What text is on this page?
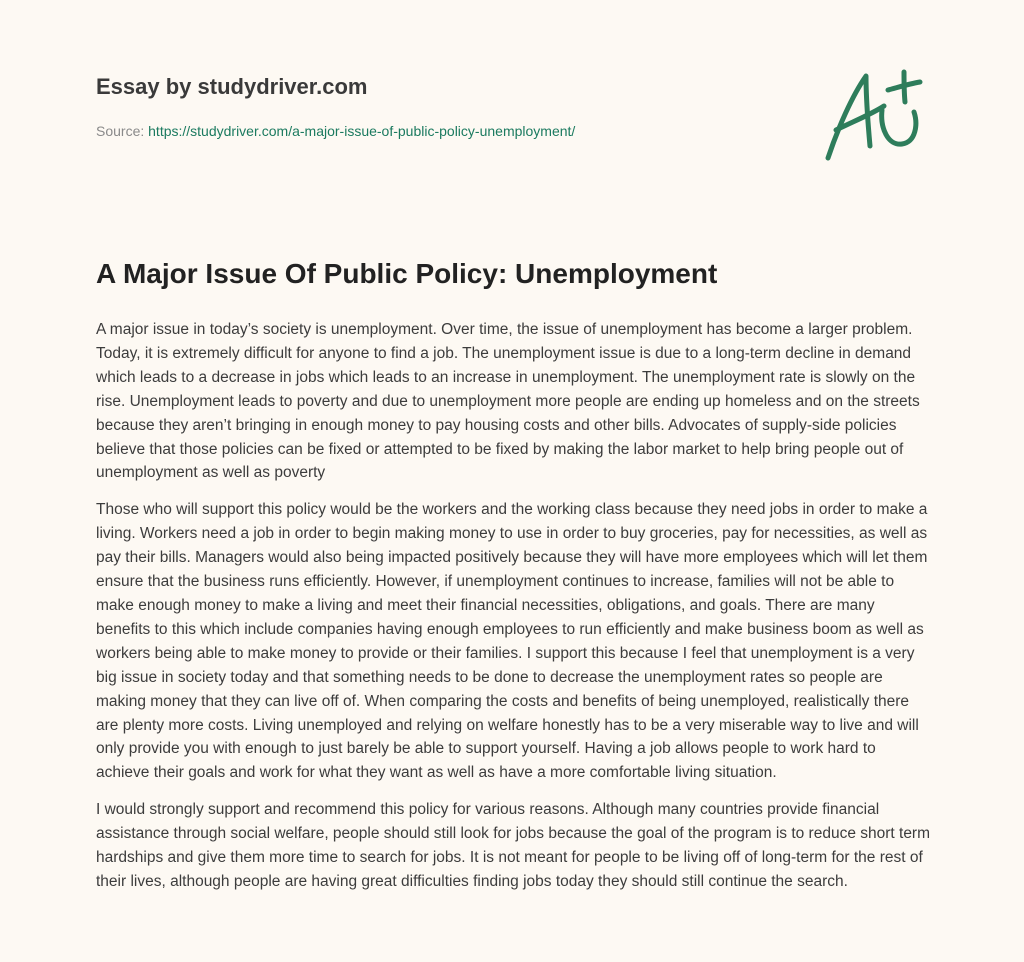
Essay by studydriver.com
Source: https://studydriver.com/a-major-issue-of-public-policy-unemployment/
A Major Issue Of Public Policy: Unemployment

A major issue in today’s society is unemployment. Over time, the issue of unemployment has become a larger problem. Today, it is extremely difficult for anyone to find a job. The unemployment issue is due to a long-term decline in demand which leads to a decrease in jobs which leads to an increase in unemployment. The unemployment rate is slowly on the rise. Unemployment leads to poverty and due to unemployment more people are ending up homeless and on the streets because they aren’t bringing in enough money to pay housing costs and other bills. Advocates of supply-side policies believe that those policies can be fixed or attempted to be fixed by making the labor market to help bring people out of unemployment as well as poverty

Those who will support this policy would be the workers and the working class because they need jobs in order to make a living. Workers need a job in order to begin making money to use in order to buy groceries, pay for necessities, as well as pay their bills. Managers would also being impacted positively because they will have more employees which will let them ensure that the business runs efficiently. However, if unemployment continues to increase, families will not be able to make enough money to make a living and meet their financial necessities, obligations, and goals. There are many benefits to this which include companies having enough employees to run efficiently and make business boom as well as workers being able to make money to provide or their families. I support this because I feel that unemployment is a very big issue in society today and that something needs to be done to decrease the unemployment rates so people are making money that they can live off of. When comparing the costs and benefits of being unemployed, realistically there are plenty more costs. Living unemployed and relying on welfare honestly has to be a very miserable way to live and will only provide you with enough to just barely be able to support yourself. Having a job allows people to work hard to achieve their goals and work for what they want as well as have a more comfortable living situation.

I would strongly support and recommend this policy for various reasons. Although many countries provide financial assistance through social welfare, people should still look for jobs because the goal of the program is to reduce short term hardships and give them more time to search for jobs. It is not meant for people to be living off of long-term for the rest of their lives, although people are having great difficulties finding jobs today they should still continue the search.
